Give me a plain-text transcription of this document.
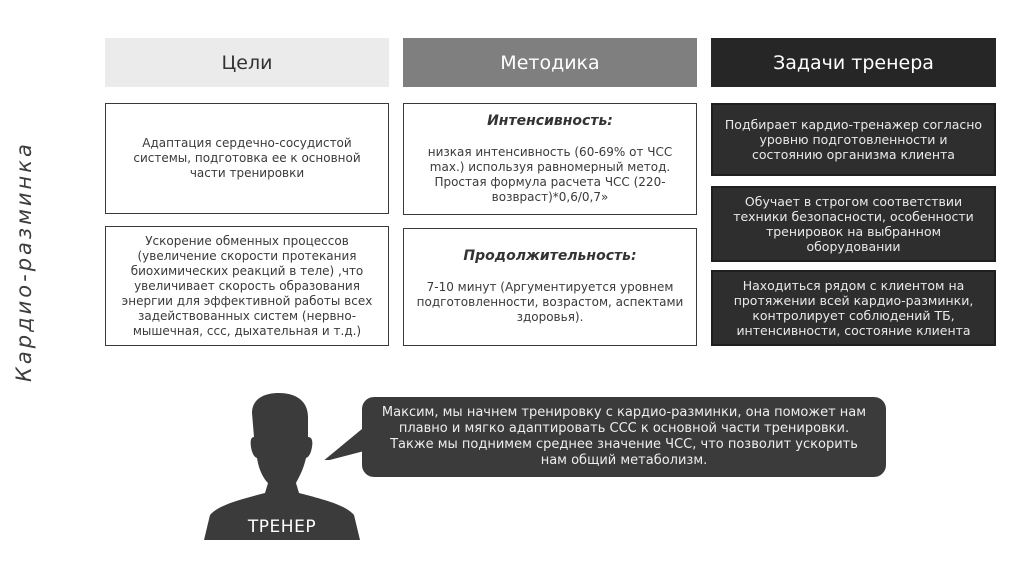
Кардио-разминка
Цели	Методика	Задачи тренера
Адаптация сердечно-сосудистой системы, подготовка ее к основной части тренировки
Ускорение обменных процессов (увеличение скорости протекания биохимических реакций в теле) ,что увеличивает скорость образования энергии для эффективной работы всех задействованных систем (нервно-мышечная, ссс, дыхательная и т.д.)
Интенсивность:
низкая интенсивность (60-69% от ЧСС max.) используя равномерный метод. Простая формула расчета ЧСС (220-возвраст)*0,6/0,7»
Продолжительность:
7-10 минут (Аргументируется уровнем подготовленности, возрастом, аспектами здоровья).
Подбирает кардио-тренажер согласно уровню подготовленности и состоянию организма клиента
Обучает в строгом соответствии техники безопасности, особенности тренировок на выбранном оборудовании
Находиться рядом с клиентом на протяжении всей кардио-разминки, контролирует соблюдений ТБ, интенсивности, состояние клиента
ТРЕНЕР
Максим, мы начнем тренировку с кардио-разминки, она поможет нам плавно и мягко адаптировать ССС к основной части тренировки. Также мы поднимем среднее значение ЧСС, что позволит ускорить нам общий метаболизм.
